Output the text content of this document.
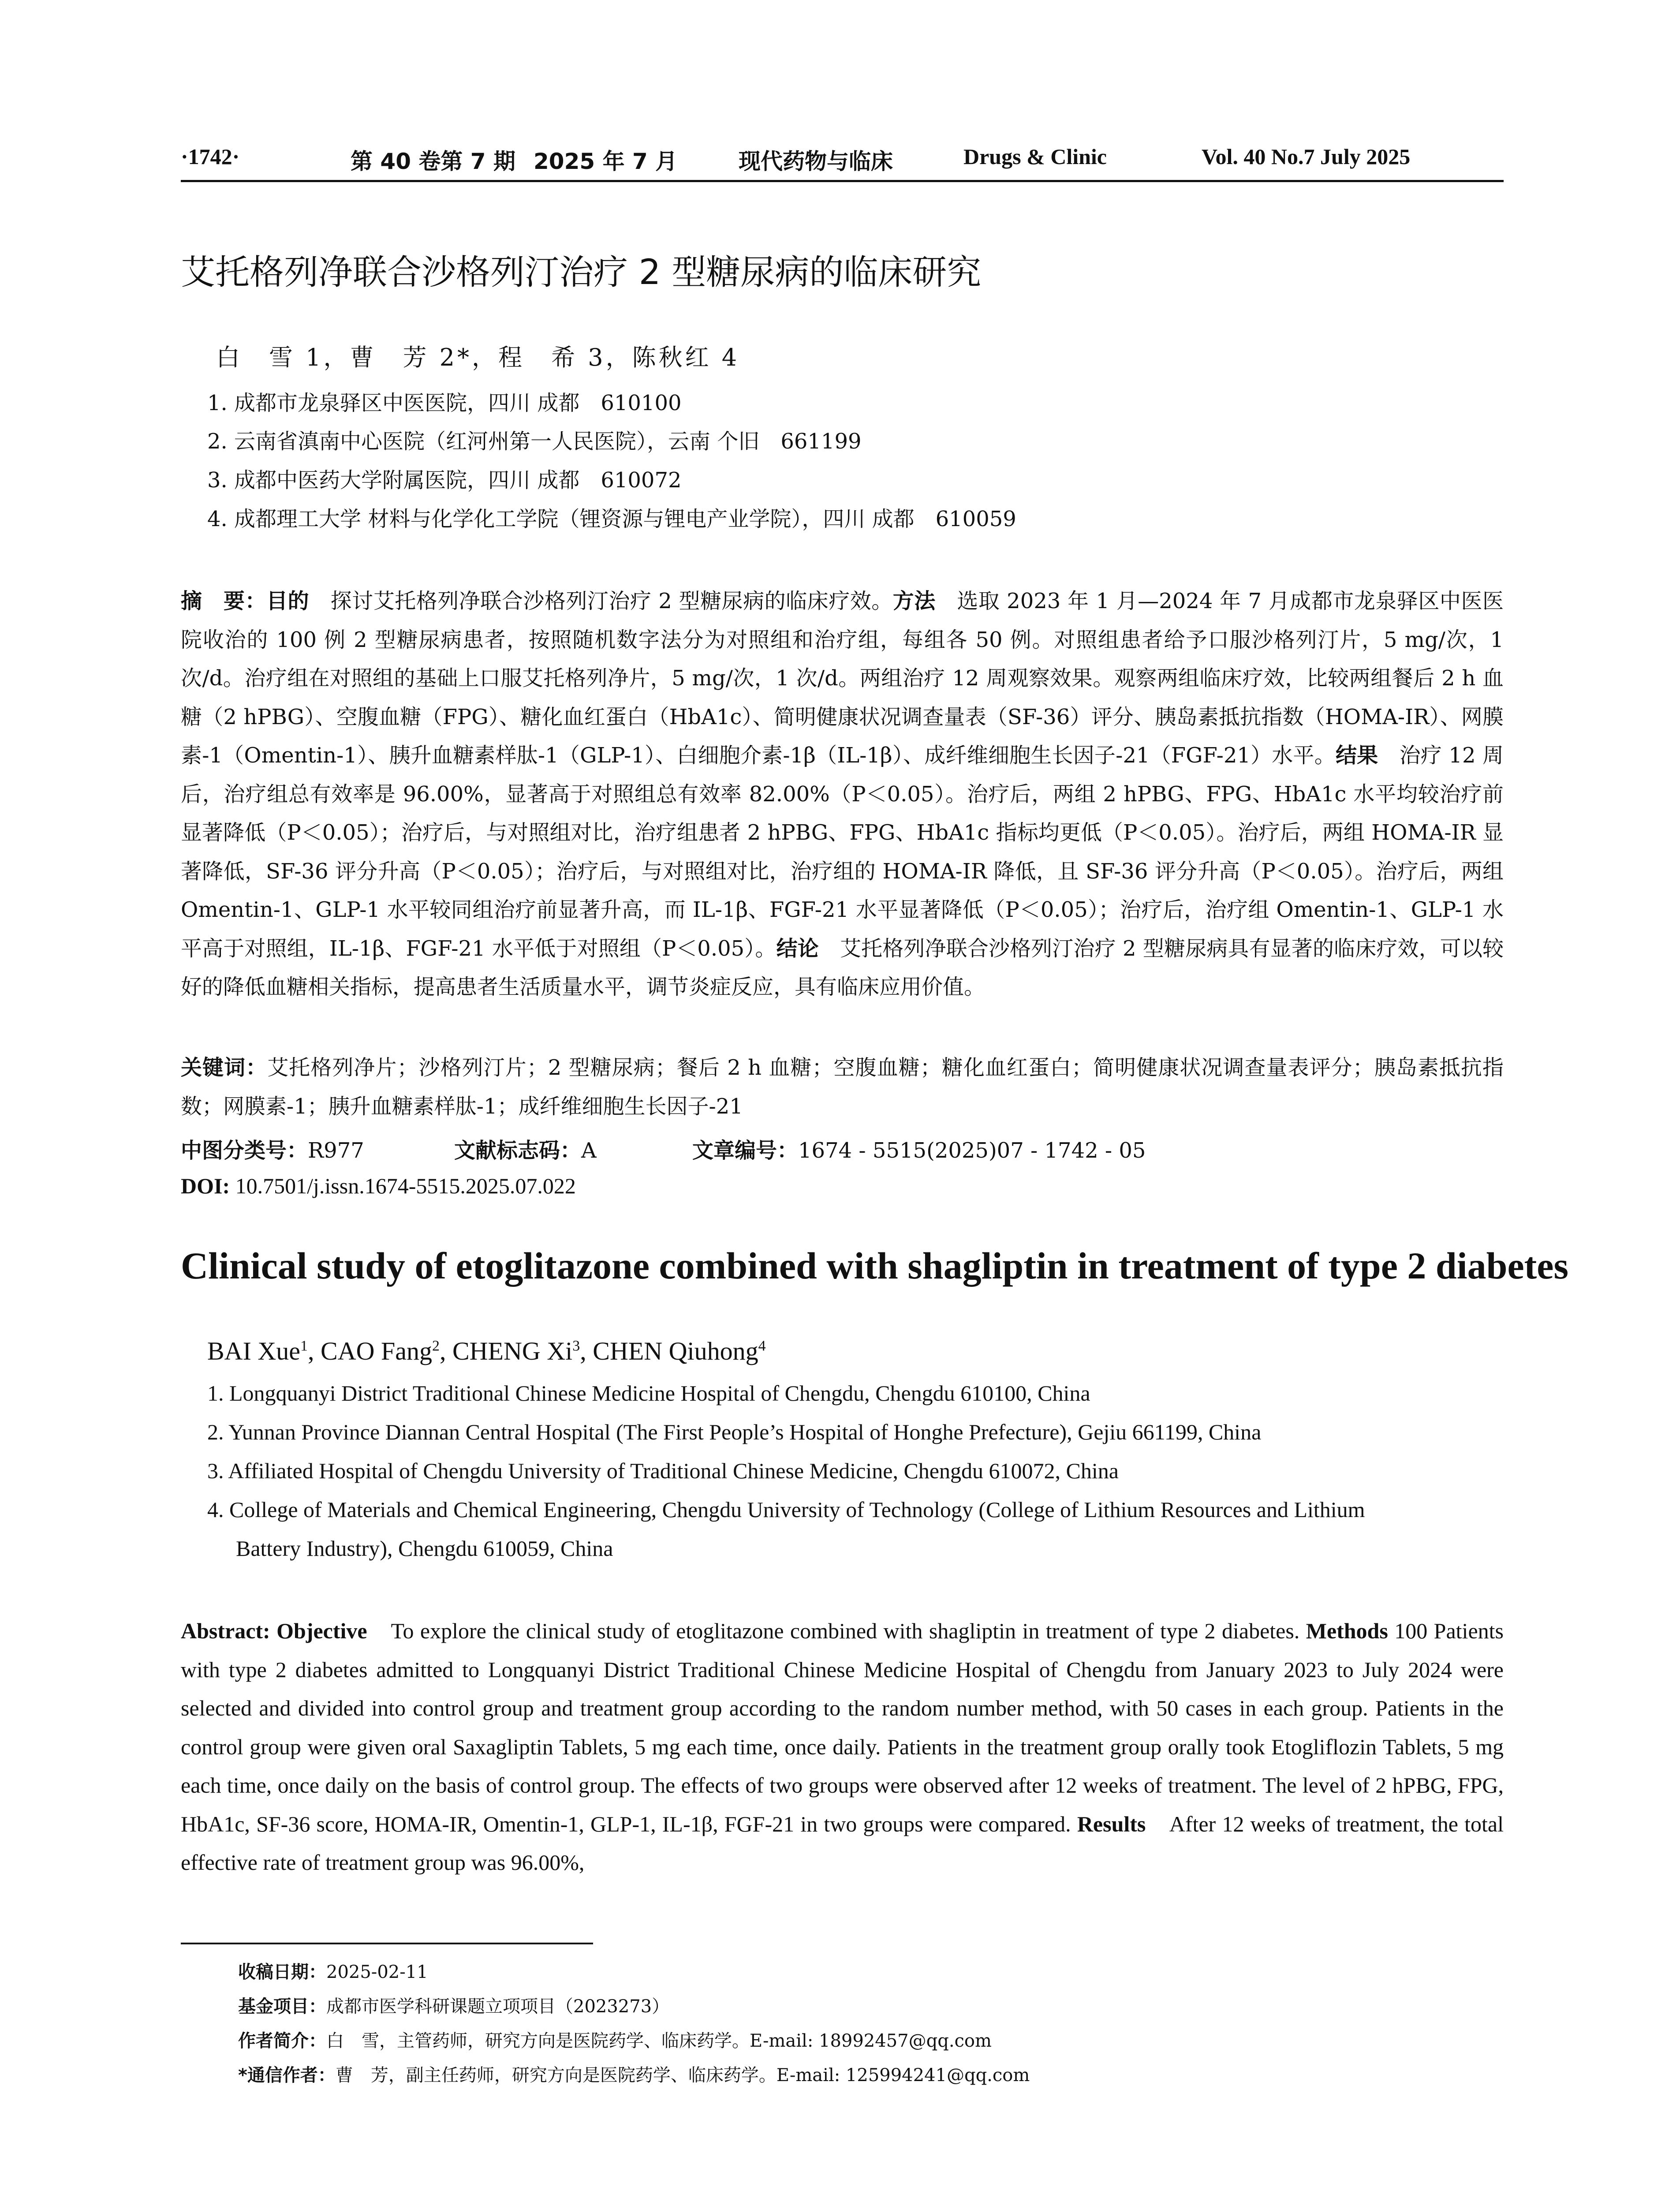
·1742·	第 40 卷第 7 期 2025 年 7 月	现代药物与临床	Drugs & Clinic	Vol. 40 No.7 July 2025
艾托格列净联合沙格列汀治疗 2 型糖尿病的临床研究
白　雪 1，曹　芳 2*，程　希 3，陈秋红 4
1. 成都市龙泉驿区中医医院，四川 成都　610100
2. 云南省滇南中心医院（红河州第一人民医院），云南 个旧　661199
3. 成都中医药大学附属医院，四川 成都　610072
4. 成都理工大学 材料与化学化工学院（锂资源与锂电产业学院），四川 成都　610059
摘　要：目的　探讨艾托格列净联合沙格列汀治疗 2 型糖尿病的临床疗效。方法　选取 2023 年 1 月—2024 年 7 月成都市龙泉驿区中医医院收治的 100 例 2 型糖尿病患者，按照随机数字法分为对照组和治疗组，每组各 50 例。对照组患者给予口服沙格列汀片，5 mg/次，1 次/d。治疗组在对照组的基础上口服艾托格列净片，5 mg/次，1 次/d。两组治疗 12 周观察效果。观察两组临床疗效，比较两组餐后 2 h 血糖（2 hPBG）、空腹血糖（FPG）、糖化血红蛋白（HbA1c）、简明健康状况调查量表（SF-36）评分、胰岛素抵抗指数（HOMA-IR）、网膜素-1（Omentin-1）、胰升血糖素样肽-1（GLP-1）、白细胞介素-1β（IL-1β）、成纤维细胞生长因子-21（FGF-21）水平。结果　治疗 12 周后，治疗组总有效率是 96.00%，显著高于对照组总有效率 82.00%（P＜0.05）。治疗后，两组 2 hPBG、FPG、HbA1c 水平均较治疗前显著降低（P＜0.05）；治疗后，与对照组对比，治疗组患者 2 hPBG、FPG、HbA1c 指标均更低（P＜0.05）。治疗后，两组 HOMA-IR 显著降低，SF-36 评分升高（P＜0.05）；治疗后，与对照组对比，治疗组的 HOMA-IR 降低，且 SF-36 评分升高（P＜0.05）。治疗后，两组 Omentin-1、GLP-1 水平较同组治疗前显著升高，而 IL-1β、FGF-21 水平显著降低（P＜0.05）；治疗后，治疗组 Omentin-1、GLP-1 水平高于对照组，IL-1β、FGF-21 水平低于对照组（P＜0.05）。结论　艾托格列净联合沙格列汀治疗 2 型糖尿病具有显著的临床疗效，可以较好的降低血糖相关指标，提高患者生活质量水平，调节炎症反应，具有临床应用价值。
关键词：艾托格列净片；沙格列汀片；2 型糖尿病；餐后 2 h 血糖；空腹血糖；糖化血红蛋白；简明健康状况调查量表评分；胰岛素抵抗指数；网膜素-1；胰升血糖素样肽-1；成纤维细胞生长因子-21
中图分类号：R977	文献标志码：A	文章编号：1674 - 5515(2025)07 - 1742 - 05
DOI: 10.7501/j.issn.1674-5515.2025.07.022
Clinical study of etoglitazone combined with shagliptin in treatment of type 2 diabetes
BAI Xue$^1$, CAO Fang$^2$, CHENG Xi$^3$, CHEN Qiuhong$^4$
1. Longquanyi District Traditional Chinese Medicine Hospital of Chengdu, Chengdu 610100, China
2. Yunnan Province Diannan Central Hospital (The First People’s Hospital of Honghe Prefecture), Gejiu 661199, China
3. Affiliated Hospital of Chengdu University of Traditional Chinese Medicine, Chengdu 610072, China
4. College of Materials and Chemical Engineering, Chengdu University of Technology (College of Lithium Resources and Lithium
Battery Industry), Chengdu 610059, China
Abstract: Objective　To explore the clinical study of etoglitazone combined with shagliptin in treatment of type 2 diabetes. Methods 100 Patients with type 2 diabetes admitted to Longquanyi District Traditional Chinese Medicine Hospital of Chengdu from January 2023 to July 2024 were selected and divided into control group and treatment group according to the random number method, with 50 cases in each group. Patients in the control group were given oral Saxagliptin Tablets, 5 mg each time, once daily. Patients in the treatment group orally took Etogliflozin Tablets, 5 mg each time, once daily on the basis of control group. The effects of two groups were observed after 12 weeks of treatment. The level of 2 hPBG, FPG, HbA1c, SF-36 score, HOMA-IR, Omentin-1, GLP-1, IL-1β, FGF-21 in two groups were compared. Results　After 12 weeks of treatment, the total effective rate of treatment group was 96.00%,
收稿日期：2025-02-11
基金项目：成都市医学科研课题立项项目（2023273）
作者简介：白　雪，主管药师，研究方向是医院药学、临床药学。E-mail: 18992457@qq.com
*通信作者：曹　芳，副主任药师，研究方向是医院药学、临床药学。E-mail: 125994241@qq.com
